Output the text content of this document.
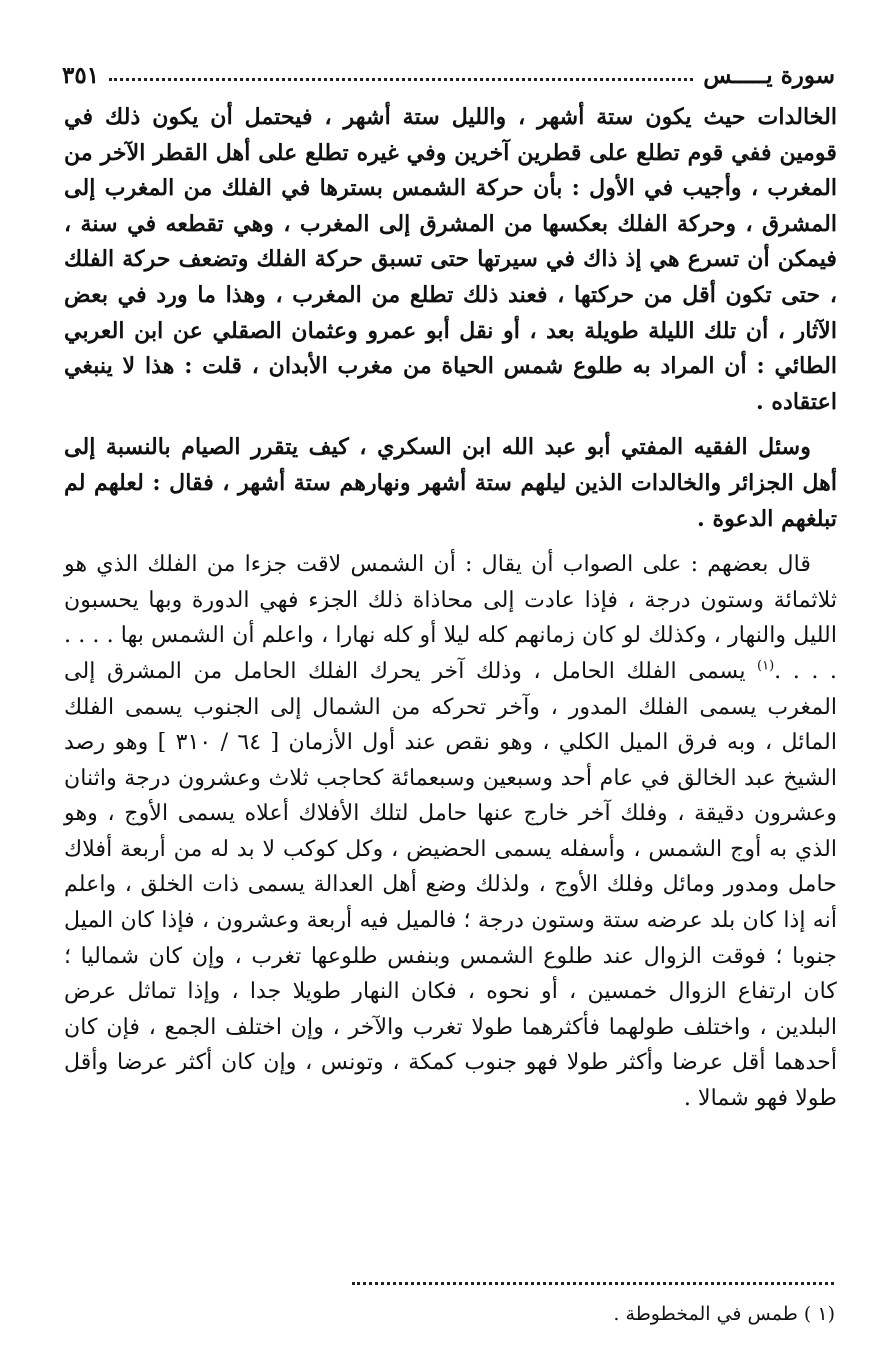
سورة يـــــس
٣٥١

الخالدات حيث يكون ستة أشهر ، والليل ستة أشهر ، فيحتمل أن يكون ذلك في قومين ففي قوم تطلع على قطرين آخرين وفي غيره تطلع على أهل القطر الآخر من المغرب ، وأجيب في الأول : بأن حركة الشمس بسترها في الفلك من المغرب إلى المشرق ، وحركة الفلك بعكسها من المشرق إلى المغرب ، وهي تقطعه في سنة ، فيمكن أن تسرع هي إذ ذاك في سيرتها حتى تسبق حركة الفلك وتضعف حركة الفلك ، حتى تكون أقل من حركتها ، فعند ذلك تطلع من المغرب ، وهذا ما ورد في بعض الآثار ، أن تلك الليلة طويلة بعد ، أو نقل أبو عمرو وعثمان الصقلي عن ابن العربي الطائي : أن المراد به طلوع شمس الحياة من مغرب الأبدان ، قلت : هذا لا ينبغي اعتقاده .

وسئل الفقيه المفتي أبو عبد الله ابن السكري ، كيف يتقرر الصيام بالنسبة إلى أهل الجزائر والخالدات الذين ليلهم ستة أشهر ونهارهم ستة أشهر ، فقال : لعلهم لم تبلغهم الدعوة .

قال بعضهم : على الصواب أن يقال : أن الشمس لاقت جزءا من الفلك الذي هو ثلاثمائة وستون درجة ، فإذا عادت إلى محاذاة ذلك الجزء فهي الدورة وبها يحسبون الليل والنهار ، وكذلك لو كان زمانهم كله ليلا أو كله نهارا ، واعلم أن الشمس بها . . . . . . . .$^{(١)}$ يسمى الفلك الحامل ، وذلك آخر يحرك الفلك الحامل من المشرق إلى المغرب يسمى الفلك المدور ، وآخر تحركه من الشمال إلى الجنوب يسمى الفلك المائل ، وبه فرق الميل الكلي ، وهو نقص عند أول الأزمان [ ٦٤ / ٣١٠ ] وهو رصد الشيخ عبد الخالق في عام أحد وسبعين وسبعمائة كحاجب ثلاث وعشرون درجة واثنان وعشرون دقيقة ، وفلك آخر خارج عنها حامل لتلك الأفلاك أعلاه يسمى الأوج ، وهو الذي به أوج الشمس ، وأسفله يسمى الحضيض ، وكل كوكب لا بد له من أربعة أفلاك حامل ومدور ومائل وفلك الأوج ، ولذلك وضع أهل العدالة يسمى ذات الخلق ، واعلم أنه إذا كان بلد عرضه ستة وستون درجة ؛ فالميل فيه أربعة وعشرون ، فإذا كان الميل جنوبا ؛ فوقت الزوال عند طلوع الشمس وبنفس طلوعها تغرب ، وإن كان شماليا ؛ كان ارتفاع الزوال خمسين ، أو نحوه ، فكان النهار طويلا جدا ، وإذا تماثل عرض البلدين ، واختلف طولهما فأكثرهما طولا تغرب والآخر ، وإن اختلف الجمع ، فإن كان أحدهما أقل عرضا وأكثر طولا فهو جنوب كمكة ، وتونس ، وإن كان أكثر عرضا وأقل طولا فهو شمالا .

(١ ) طمس في المخطوطة .
